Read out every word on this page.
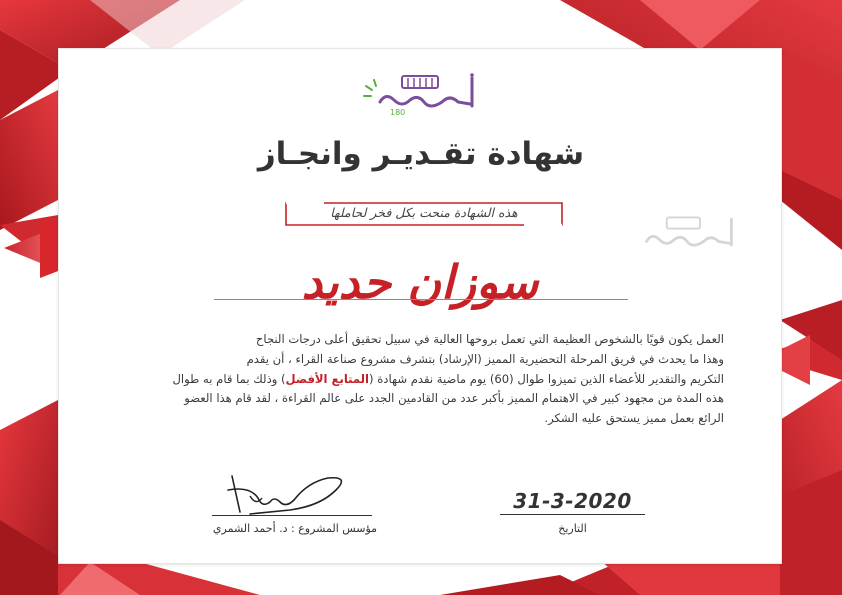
180
شهادة تقـديـر وانجـاز
هذه الشهادة منحت بكل فخر لحاملها
سوزان حديد
العمل يكون قويًا بالشخوص العظيمة التي تعمل بروحها العالية في سبيل تحقيق أعلى درجات النجاح
وهذا ما يحدث في فريق المرحلة التحضيرية المميز (الإرشاد) بتشرف مشروع صناعة القراء ، أن يقدم
التكريم والتقدير للأعضاء الذين تميزوا طوال (60) يوم ماضية نقدم شهادة (المتابع الأفضل) وذلك بما قام به طوال
هذه المدة من مجهود كبير في الاهتمام المميز بأكبر عدد من القادمين الجدد على عالم القراءة ، لقد قام هذا العضو
الرائع بعمل مميز يستحق عليه الشكر.
مؤسس المشروع : د. أحمد الشمري
31-3-2020
التاريخ
